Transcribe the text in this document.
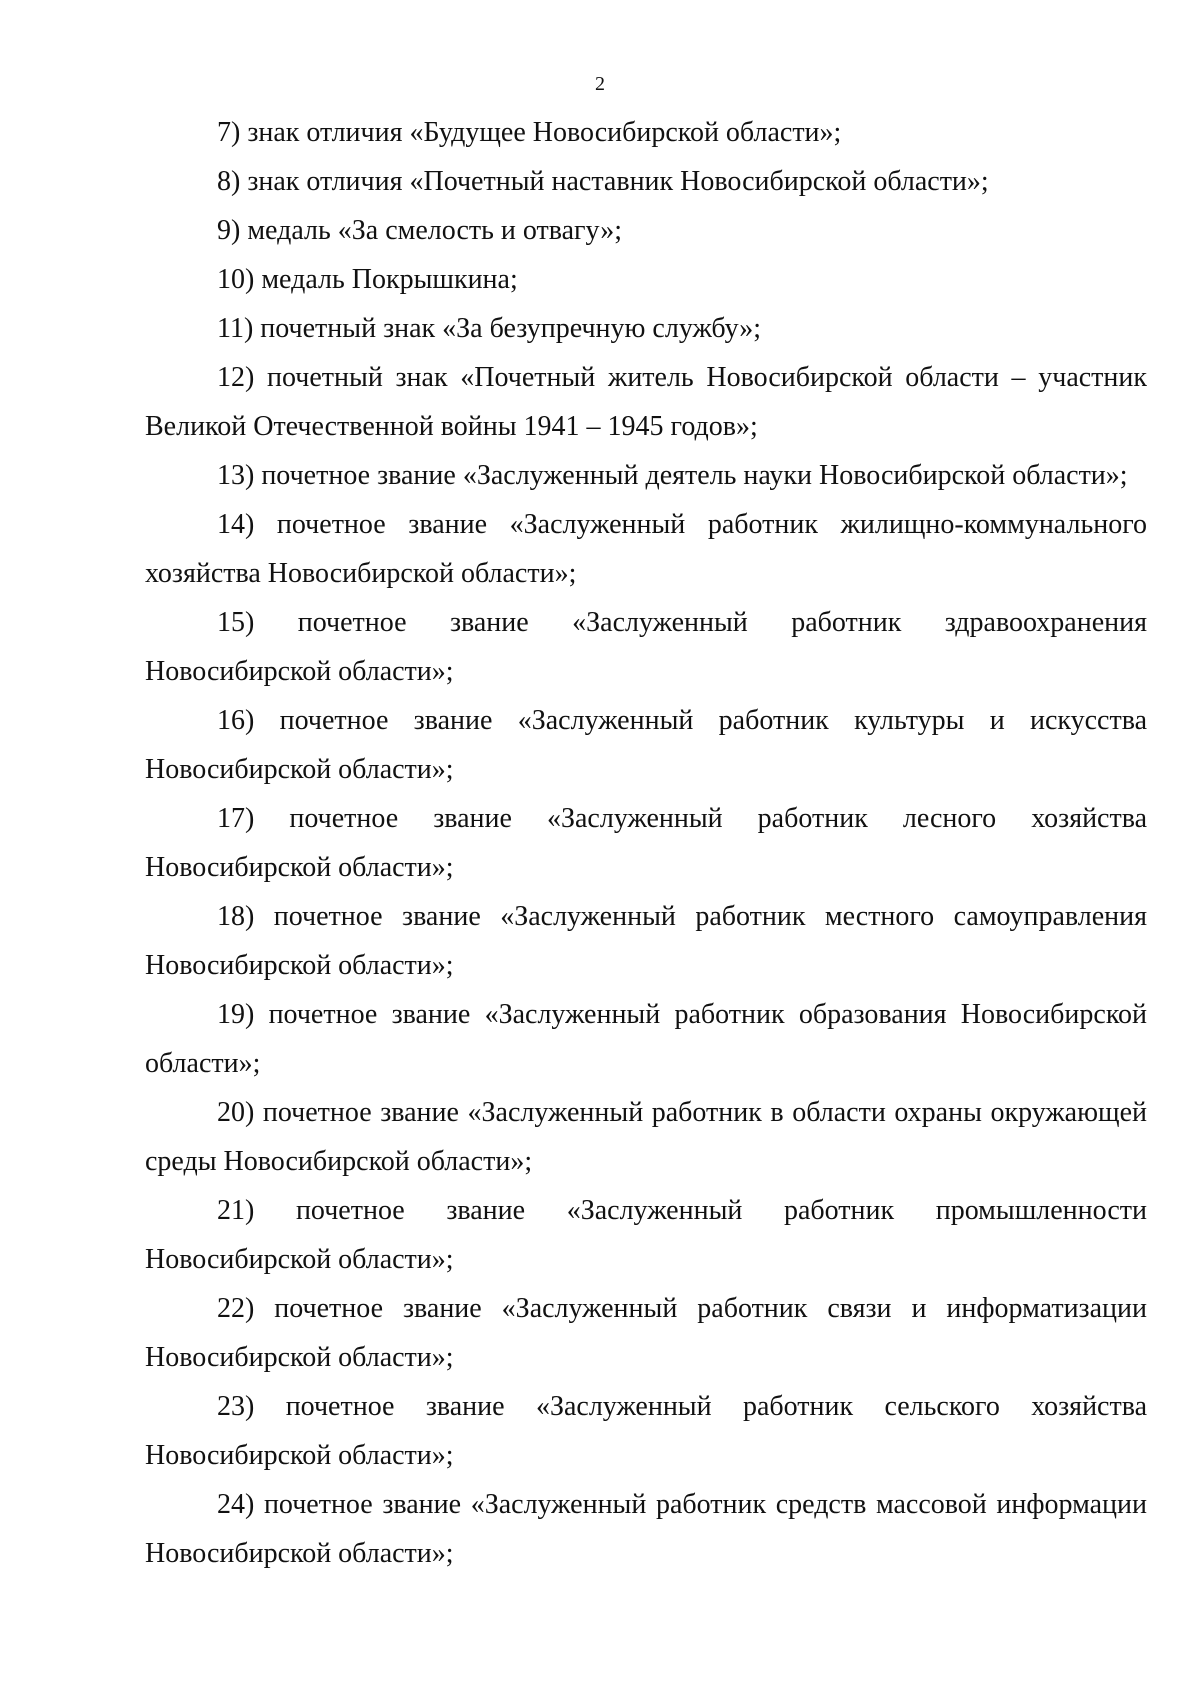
2

7) знак отличия «Будущее Новосибирской области»;

8) знак отличия «Почетный наставник Новосибирской области»;

9) медаль «За смелость и отвагу»;

10) медаль Покрышкина;

11) почетный знак «За безупречную службу»;

12) почетный знак «Почетный житель Новосибирской области – участник Великой Отечественной войны 1941 – 1945 годов»;

13) почетное звание «Заслуженный деятель науки Новосибирской области»;

14) почетное звание «Заслуженный работник жилищно-коммунального хозяйства Новосибирской области»;

15) почетное звание «Заслуженный работник здравоохранения Новосибирской области»;

16) почетное звание «Заслуженный работник культуры и искусства Новосибирской области»;

17) почетное звание «Заслуженный работник лесного хозяйства Новосибирской области»;

18) почетное звание «Заслуженный работник местного самоуправления Новосибирской области»;

19) почетное звание «Заслуженный работник образования Новосибирской области»;

20) почетное звание «Заслуженный работник в области охраны окружающей среды Новосибирской области»;

21) почетное звание «Заслуженный работник промышленности Новосибирской области»;

22) почетное звание «Заслуженный работник связи и информатизации Новосибирской области»;

23) почетное звание «Заслуженный работник сельского хозяйства Новосибирской области»;

24) почетное звание «Заслуженный работник средств массовой информации Новосибирской области»;
